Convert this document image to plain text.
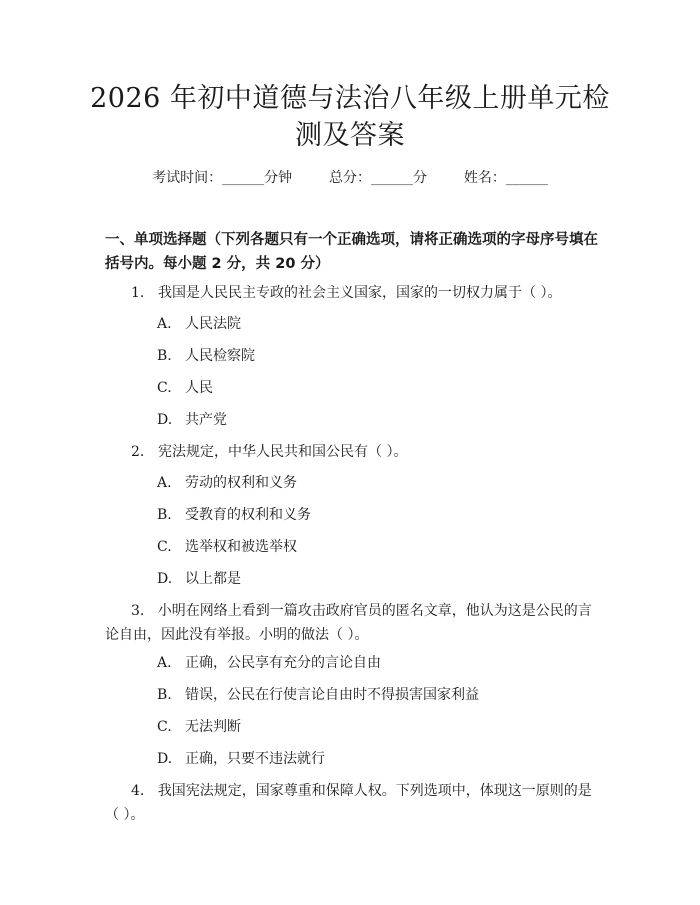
2026 年初中道德与法治八年级上册单元检测及答案
考试时间：______分钟	总分：______分	姓名：______
一、单项选择题（下列各题只有一个正确选项，请将正确选项的字母序号填在括号内。每小题 2 分，共 20 分）
1. 我国是人民民主专政的社会主义国家，国家的一切权力属于（ ）。
A. 人民法院
B. 人民检察院
C. 人民
D. 共产党
2. 宪法规定，中华人民共和国公民有（ ）。
A. 劳动的权利和义务
B. 受教育的权利和义务
C. 选举权和被选举权
D. 以上都是
3. 小明在网络上看到一篇攻击政府官员的匿名文章，他认为这是公民的言论自由，因此没有举报。小明的做法（ ）。
A. 正确，公民享有充分的言论自由
B. 错误，公民在行使言论自由时不得损害国家利益
C. 无法判断
D. 正确，只要不违法就行
4. 我国宪法规定，国家尊重和保障人权。下列选项中，体现这一原则的是（ ）。
